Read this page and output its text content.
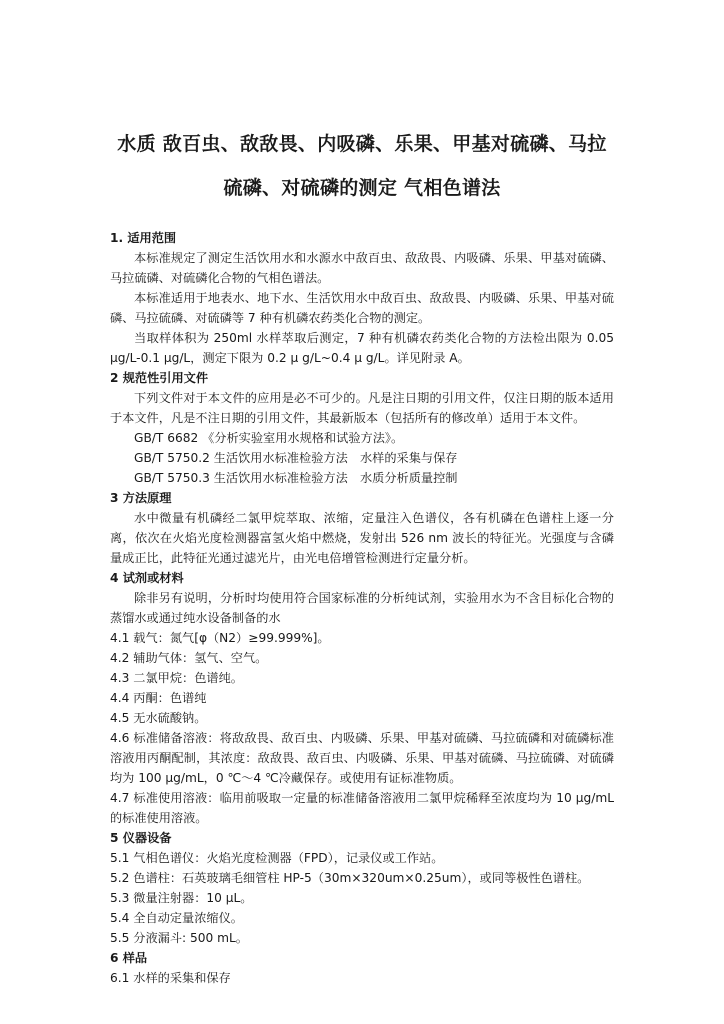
水质 敌百虫、敌敌畏、内吸磷、乐果、甲基对硫磷、马拉
硫磷、对硫磷的测定 气相色谱法

1. 适用范围

本标准规定了测定生活饮用水和水源水中敌百虫、敌敌畏、内吸磷、乐果、甲基对硫磷、马拉硫磷、对硫磷化合物的气相色谱法。

本标准适用于地表水、地下水、生活饮用水中敌百虫、敌敌畏、内吸磷、乐果、甲基对硫磷、马拉硫磷、对硫磷等 7 种有机磷农药类化合物的测定。

当取样体积为 250ml 水样萃取后测定，7 种有机磷农药类化合物的方法检出限为 0.05 μg/L-0.1 μg/L，测定下限为 0.2 μ g/L~0.4 μ g/L。详见附录 A。

2 规范性引用文件

下列文件对于本文件的应用是必不可少的。凡是注日期的引用文件，仅注日期的版本适用于本文件，凡是不注日期的引用文件，其最新版本（包括所有的修改单）适用于本文件。

GB/T 6682 《分析实验室用水规格和试验方法》。

GB/T 5750.2 生活饮用水标准检验方法　水样的采集与保存

GB/T 5750.3 生活饮用水标准检验方法　水质分析质量控制

3 方法原理

水中微量有机磷经二氯甲烷萃取、浓缩，定量注入色谱仪，各有机磷在色谱柱上逐一分离，依次在火焰光度检测器富氢火焰中燃烧，发射出 526 nm 波长的特征光。光强度与含磷量成正比，此特征光通过滤光片，由光电倍增管检测进行定量分析。

4 试剂或材料

除非另有说明，分析时均使用符合国家标准的分析纯试剂，实验用水为不含目标化合物的蒸馏水或通过纯水设备制备的水

4.1 载气：氮气[φ（N2）≥99.999%]。

4.2 辅助气体：氢气、空气。

4.3 二氯甲烷：色谱纯。

4.4 丙酮：色谱纯

4.5 无水硫酸钠。

4.6 标准储备溶液：将敌敌畏、敌百虫、内吸磷、乐果、甲基对硫磷、马拉硫磷和对硫磷标准溶液用丙酮配制，其浓度：敌敌畏、敌百虫、内吸磷、乐果、甲基对硫磷、马拉硫磷、对硫磷均为 100 μg/mL，0 ℃～4 ℃冷藏保存。或使用有证标准物质。

4.7 标准使用溶液：临用前吸取一定量的标准储备溶液用二氯甲烷稀释至浓度均为 10 μg/mL 的标准使用溶液。

5 仪器设备

5.1 气相色谱仪：火焰光度检测器（FPD），记录仪或工作站。

5.2 色谱柱：石英玻璃毛细管柱 HP-5（30m×320um×0.25um），或同等极性色谱柱。

5.3 微量注射器：10 μL。

5.4 全自动定量浓缩仪。

5.5 分液漏斗: 500 mL。

6 样品

6.1 水样的采集和保存
